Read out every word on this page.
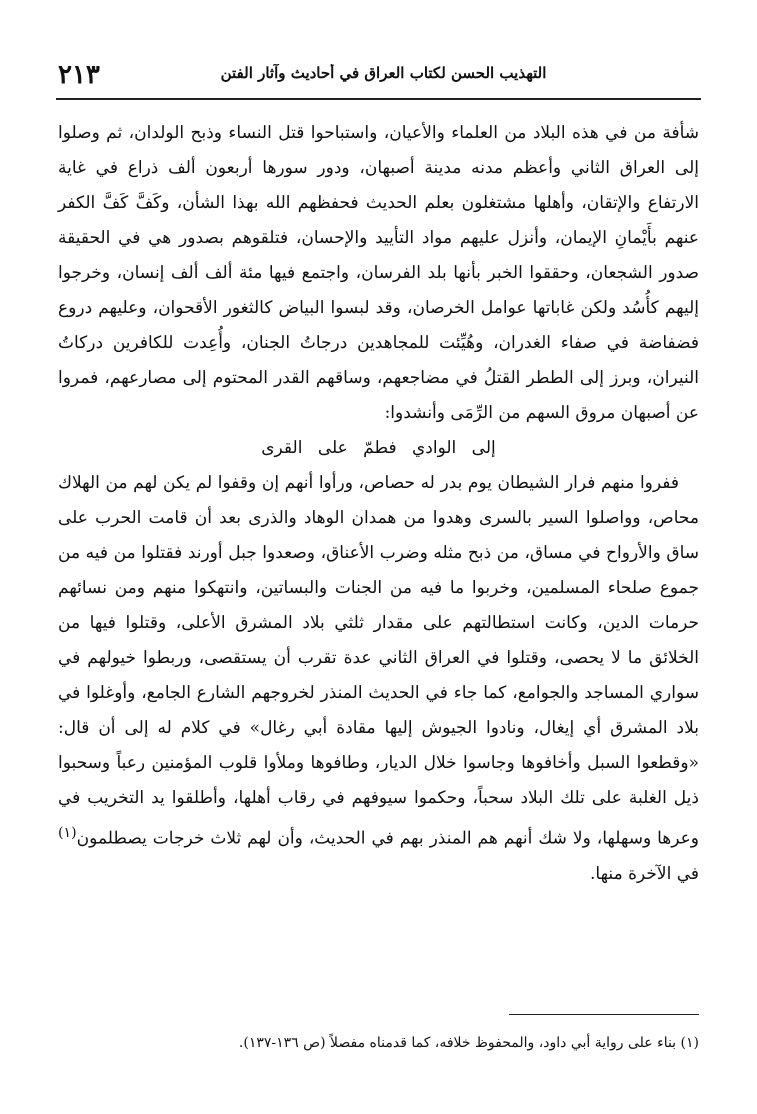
التهذيب الحسن لكتاب العراق في أحاديث وآثار الفتن
٢١٣

شأفة من في هذه البلاد من العلماء والأعيان، واستباحوا قتل النساء وذبح الولدان، ثم وصلوا إلى العراق الثاني وأعظم مدنه مدينة أصبهان، ودور سورها أربعون ألف ذراع في غاية الارتفاع والإتقان، وأهلها مشتغلون بعلم الحديث فحفظهم الله بهذا الشأن، وكَفَّ كَفَّ الكفر عنهم بأَيْمانِ الإيمان، وأنزل عليهم مواد التأييد والإحسان، فتلقوهم بصدور هي في الحقيقة صدور الشجعان، وحققوا الخبر بأنها بلد الفرسان، واجتمع فيها مئة ألف ألف إنسان، وخرجوا إليهم كأُسُد ولكن غاباتها عوامل الخرصان، وقد لبسوا البياض كالثغور الأقحوان، وعليهم دروع فضفاضة في صفاء الغدران، وهُيِّئت للمجاهدين درجاتُ الجنان، وأُعِدت للكافرين دركاتُ النيران، وبرز إلى الططر القتلُ في مضاجعهم، وساقهم القدر المحتوم إلى مصارعهم، فمروا عن أصبهان مروق السهم من الرِّمَى وأنشدوا:

إلى الوادي فطمّ على القرى

ففروا منهم فرار الشيطان يوم بدر له حصاص، ورأوا أنهم إن وقفوا لم يكن لهم من الهلاك محاص، وواصلوا السير بالسرى وهدوا من همدان الوهاد والذرى بعد أن قامت الحرب على ساق والأرواح في مساق، من ذبح مثله وضرب الأعناق، وصعدوا جبل أورند فقتلوا من فيه من جموع صلحاء المسلمين، وخربوا ما فيه من الجنات والبساتين، وانتهكوا منهم ومن نسائهم حرمات الدين، وكانت استطالتهم على مقدار ثلثي بلاد المشرق الأعلى، وقتلوا فيها من الخلائق ما لا يحصى، وقتلوا في العراق الثاني عدة تقرب أن يستقصى، وربطوا خيولهم في سواري المساجد والجوامع، كما جاء في الحديث المنذر لخروجهم الشارع الجامع، وأوغلوا في بلاد المشرق أي إيغال، ونادوا الجيوش إليها مقادة أبي رغال» في كلام له إلى أن قال: «وقطعوا السبل وأخافوها وجاسوا خلال الديار، وطافوها وملأوا قلوب المؤمنين رعباً وسحبوا ذيل الغلبة على تلك البلاد سحباً، وحكموا سيوفهم في رقاب أهلها، وأطلقوا يد التخريب في وعرها وسهلها، ولا شك أنهم هم المنذر بهم في الحديث، وأن لهم ثلاث خرجات يصطلمون$^{(١)}$ في الآخرة منها.

(١) بناء على رواية أبي داود، والمحفوظ خلافه، كما قدمناه مفصلاً (ص ١٣٦-١٣٧).
